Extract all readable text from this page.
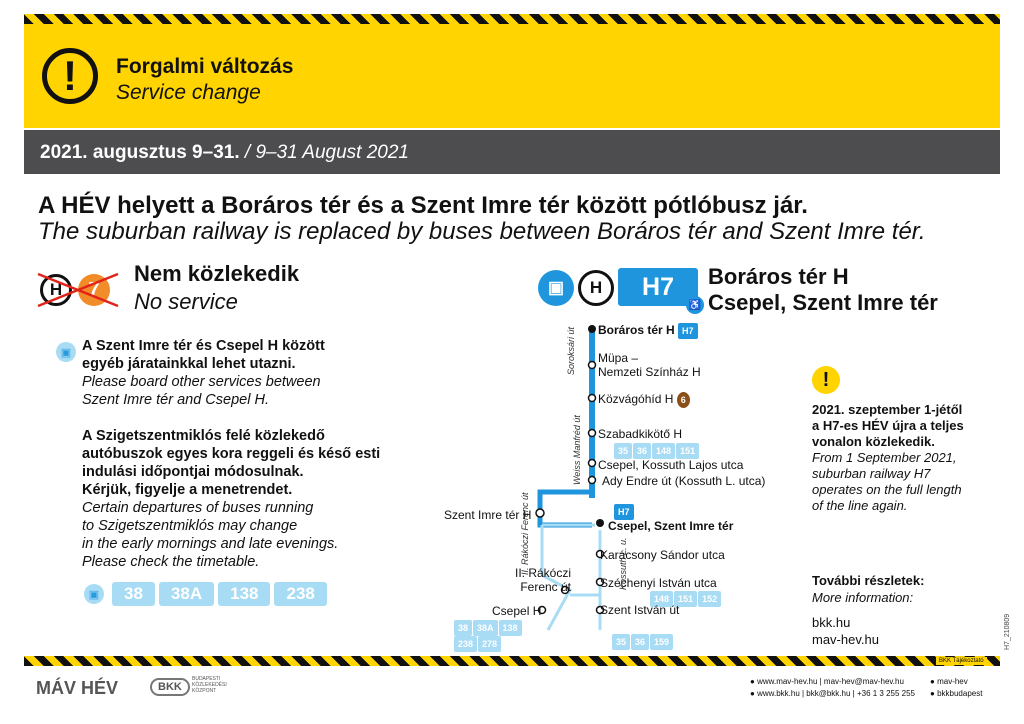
!	Forgalmi változás
Service change
2021. augusztus 9–31. / 9–31 August 2021
A HÉV helyett a Boráros tér és a Szent Imre tér között pótlóbusz jár.
The suburban railway is replaced by buses between Boráros tér and Szent Imre tér.
H 7
Nem közlekedik
No service
▣ A Szent Imre tér és Csepel H között
egyéb járatainkkal lehet utazni.
Please board other services between
Szent Imre tér and Csepel H.
A Szigetszentmiklós felé közlekedő
autóbuszok egyes kora reggeli és késő esti
indulási időpontjai módosulnak.
Kérjük, figyelje a menetrendet.
Certain departures of buses running
to Szigetszentmiklós may change
in the early mornings and late evenings.
Please check the timetable.
▣	38	38A	138	238
▣	H H7
♿
Boráros tér H
Csepel, Szent Imre tér
Soroksári út
Weiss Manfréd út
II. Rákóczi Ferenc út	Kossuth L. u.
Boráros tér H H7
Müpa –
Nemzeti Színház H
Közvágóhíd H 6
Szabadkikötő H
35 36 148 151
Csepel, Kossuth Lajos utca
Ady Endre út (Kossuth L. utca)
H7
Csepel, Szent Imre tér
Karácsony Sándor utca
Széchenyi István utca
148 151 152
Szent István út
35 36 159
Szent Imre tér H
II. Rákóczi
Ferenc út
Csepel H
38 38A 138
238 278
!
2021. szeptember 1-jétől
a H7-es HÉV újra a teljes
vonalon közlekedik.
From 1 September 2021,
suburban railway H7
operates on the full length
of the line again.
További részletek:
More information:

bkk.hu
mav-hev.hu	H7_210809
BKK Tájékoztató
MÁV HÉV	BKK
BUDAPESTI KÖZLEKEDÉSI KÖZPONT
● www.mav-hev.hu | mav-hev@mav-hev.hu
● www.bkk.hu | bkk@bkk.hu | +36 1 3 255 255
● mav-hev
● bkkbudapest
